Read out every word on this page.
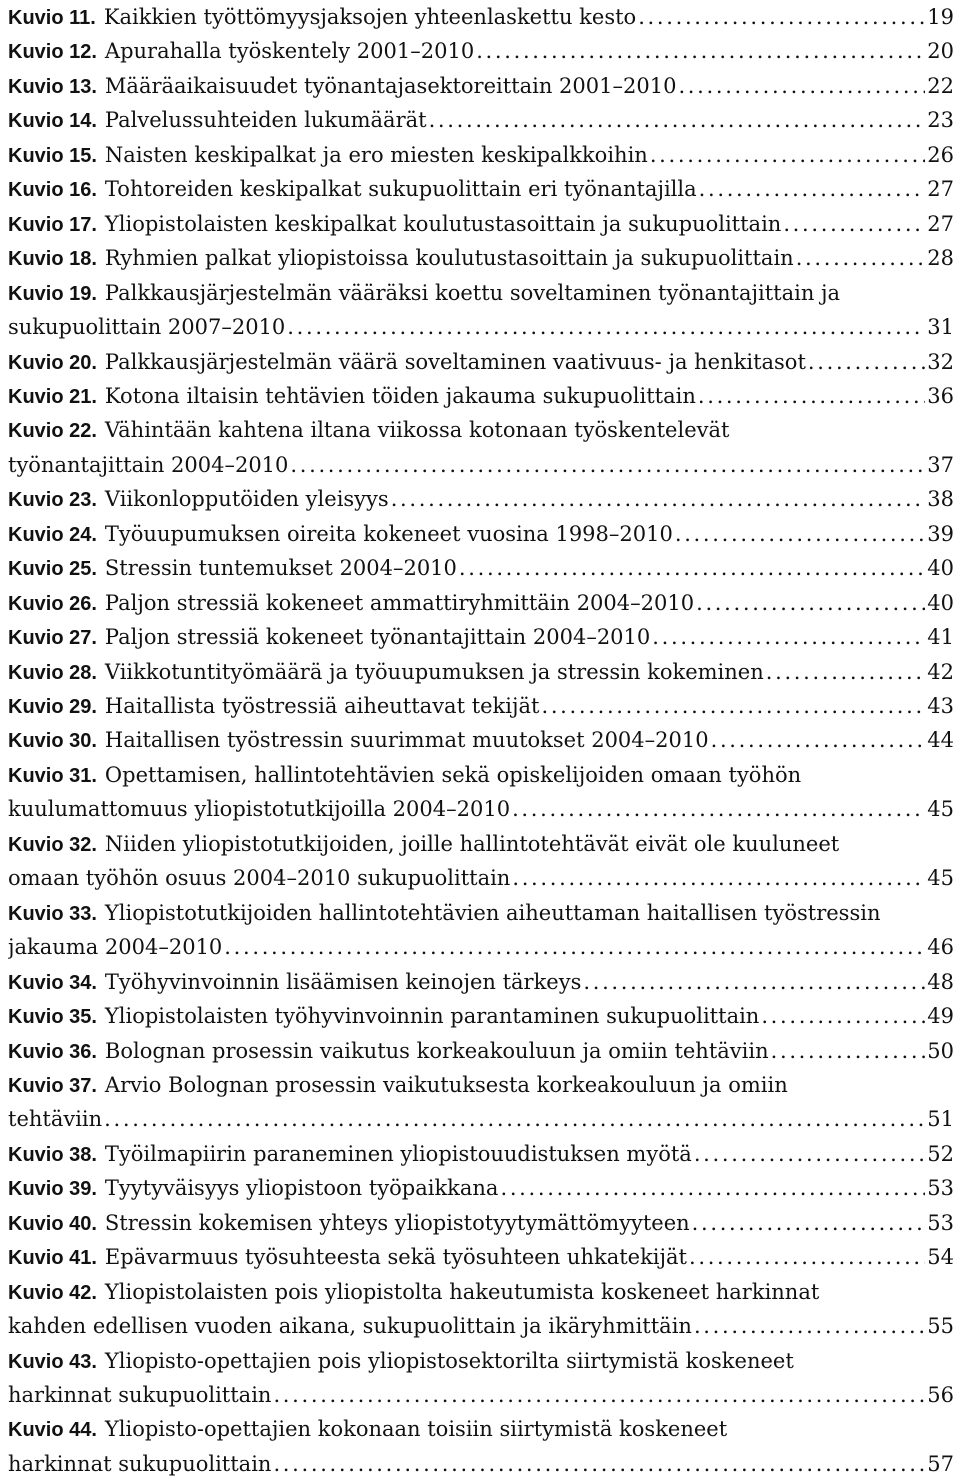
Kuvio 11. Kaikkien työttömyysjaksojen yhteenlaskettu kesto . . .	19
Kuvio 12. Apurahalla työskentely 2001–2010 . . .	20
Kuvio 13. Määräaikaisuudet työnantajasektoreittain 2001–2010 . . .	22
Kuvio 14. Palvelussuhteiden lukumäärät . . .	23
Kuvio 15. Naisten keskipalkat ja ero miesten keskipalkkoihin . . .	26
Kuvio 16. Tohtoreiden keskipalkat sukupuolittain eri työnantajilla . . .	27
Kuvio 17. Yliopistolaisten keskipalkat koulutustasoittain ja sukupuolittain . . .	27
Kuvio 18. Ryhmien palkat yliopistoissa koulutustasoittain ja sukupuolittain . . .	28
Kuvio 19. Palkkausjärjestelmän vääräksi koettu soveltaminen työnantajittain ja
sukupuolittain 2007–2010 . . .	31
Kuvio 20. Palkkausjärjestelmän väärä soveltaminen vaativuus- ja henkitasot . . .	32
Kuvio 21. Kotona iltaisin tehtävien töiden jakauma sukupuolittain . . .	36
Kuvio 22. Vähintään kahtena iltana viikossa kotonaan työskentelevät
työnantajittain 2004–2010 . . .	37
Kuvio 23. Viikonlopputöiden yleisyys . . .	38
Kuvio 24. Työuupumuksen oireita kokeneet vuosina 1998–2010 . . .	39
Kuvio 25. Stressin tuntemukset 2004–2010 . . .	40
Kuvio 26. Paljon stressiä kokeneet ammattiryhmittäin 2004–2010 . . .	40
Kuvio 27. Paljon stressiä kokeneet työnantajittain 2004–2010 . . .	41
Kuvio 28. Viikkotuntityömäärä ja työuupumuksen ja stressin kokeminen . . .	42
Kuvio 29. Haitallista työstressiä aiheuttavat tekijät . . .	43
Kuvio 30. Haitallisen työstressin suurimmat muutokset 2004–2010 . . .	44
Kuvio 31. Opettamisen, hallintotehtävien sekä opiskelijoiden omaan työhön
kuulumattomuus yliopistotutkijoilla 2004–2010 . . .	45
Kuvio 32. Niiden yliopistotutkijoiden, joille hallintotehtävät eivät ole kuuluneet
omaan työhön osuus 2004–2010 sukupuolittain . . .	45
Kuvio 33. Yliopistotutkijoiden hallintotehtävien aiheuttaman haitallisen työstressin
jakauma 2004–2010 . . .	46
Kuvio 34. Työhyvinvoinnin lisäämisen keinojen tärkeys . . .	48
Kuvio 35. Yliopistolaisten työhyvinvoinnin parantaminen sukupuolittain . . .	49
Kuvio 36. Bolognan prosessin vaikutus korkeakouluun ja omiin tehtäviin . . .	50
Kuvio 37. Arvio Bolognan prosessin vaikutuksesta korkeakouluun ja omiin
tehtäviin . . .	51
Kuvio 38. Työilmapiirin paraneminen yliopistouudistuksen myötä . . .	52
Kuvio 39. Tyytyväisyys yliopistoon työpaikkana . . .	53
Kuvio 40. Stressin kokemisen yhteys yliopistotyytymättömyyteen . . .	53
Kuvio 41. Epävarmuus työsuhteesta sekä työsuhteen uhkatekijät . . .	54
Kuvio 42. Yliopistolaisten pois yliopistolta hakeutumista koskeneet harkinnat
kahden edellisen vuoden aikana, sukupuolittain ja ikäryhmittäin . . .	55
Kuvio 43. Yliopisto-opettajien pois yliopistosektorilta siirtymistä koskeneet
harkinnat sukupuolittain . . .	56
Kuvio 44. Yliopisto-opettajien kokonaan toisiin siirtymistä koskeneet
harkinnat sukupuolittain . . .	57
